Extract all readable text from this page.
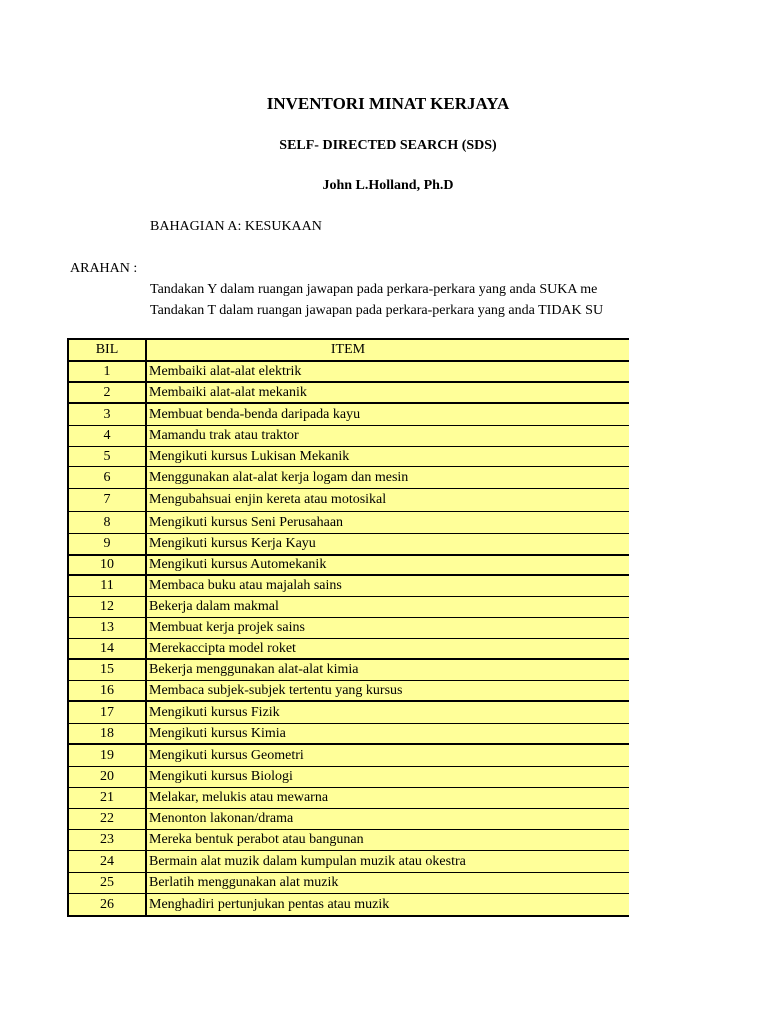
INVENTORI MINAT KERJAYA
SELF- DIRECTED SEARCH (SDS)
John L.Holland, Ph.D
BAHAGIAN A: KESUKAAN
ARAHAN :
Tandakan Y dalam ruangan jawapan pada perkara-perkara yang anda SUKA me
Tandakan T dalam ruangan jawapan pada perkara-perkara yang anda TIDAK SU
BIL	ITEM
1	Membaiki alat-alat elektrik
2	Membaiki alat-alat mekanik
3	Membuat benda-benda daripada kayu
4	Mamandu trak atau traktor
5	Mengikuti kursus Lukisan Mekanik
6	Menggunakan alat-alat kerja logam dan mesin
7	Mengubahsuai enjin kereta atau motosikal
8	Mengikuti kursus Seni Perusahaan
9	Mengikuti kursus Kerja Kayu
10	Mengikuti kursus Automekanik
11	Membaca buku atau majalah sains
12	Bekerja dalam makmal
13	Membuat kerja projek sains
14	Merekaccipta model roket
15	Bekerja menggunakan alat-alat kimia
16	Membaca subjek-subjek tertentu yang kursus
17	Mengikuti kursus Fizik
18	Mengikuti kursus Kimia
19	Mengikuti kursus Geometri
20	Mengikuti kursus Biologi
21	Melakar, melukis atau mewarna
22	Menonton lakonan/drama
23	Mereka bentuk perabot atau bangunan
24	Bermain alat muzik dalam kumpulan muzik atau okestra
25	Berlatih menggunakan alat muzik
26	Menghadiri pertunjukan pentas atau muzik
